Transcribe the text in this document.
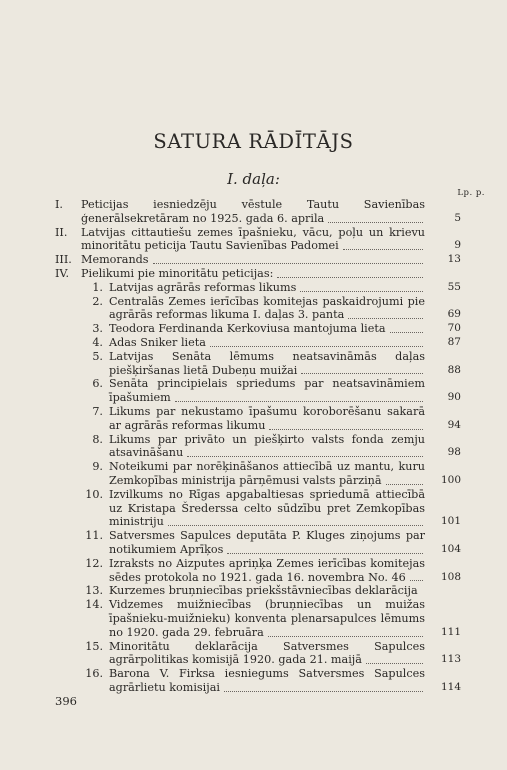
SATURA RĀDĪTĀJS
I. daļa:
Lp. p.
I.	Peticijas iesniedzēju vēstule Tautu Savienības ģenerālsekretāram no 1925. gada 6. aprila	5
II.	Latvijas cittautiešu zemes īpašnieku, vācu, poļu un krievu minoritātu peticija Tautu Savienības Padomei	9
III. Memorands	13
IV.	Pielikumi pie minoritātu peticijas:
1. Latvijas agrārās reformas likums	55
2. Centralās Zemes ierīcības komitejas paskaidrojumi pie agrārās reformas likuma I. daļas 3. panta	69
3. Teodora Ferdinanda Kerkoviusa mantojuma lieta	70
4. Adas Sniker lieta	87
5. Latvijas Senāta lēmums neatsavināmās daļas piešķiršanas lietā Dubeņu muižai	88
6. Senāta principielais spriedums par neatsavināmiem īpašumiem	90
7. Likums par nekustamo īpašumu koroborēšanu sakarā ar agrārās reformas likumu	94
8. Likums par privāto un piešķirto valsts fonda zemju atsavināšanu	98
9. Noteikumi par norēķināšanos attiecībā uz mantu, kuru Zemkopības ministrija pārņēmusi valsts pārziņā	100
10. Izvilkums no Rīgas apgabaltiesas spriedumā attiecībā uz Kristapa Šrederssa celto sūdzību pret Zemkopības ministriju	101
11. Satversmes Sapulces deputāta P. Kluges ziņojums par notikumiem Aprīķos	104
12. Izraksts no Aizputes apriņķa Zemes ierīcības komitejas sēdes protokola no 1921. gada 16. novembra No. 46	108
13. Kurzemes bruņniecības priekšstāvniecības deklarācija
14. Vidzemes muižniecības (bruņniecības un muižas īpašnieku-muižnieku) konventa plenarsapulces lēmums no 1920. gada 29. februāra	111
15. Minoritātu deklarācija Satversmes Sapulces agrārpolitikas komisijā 1920. gada 21. maijā	113
16. Barona V. Firksa iesniegums Satversmes Sapulces agrārlietu komisijai	114
396
